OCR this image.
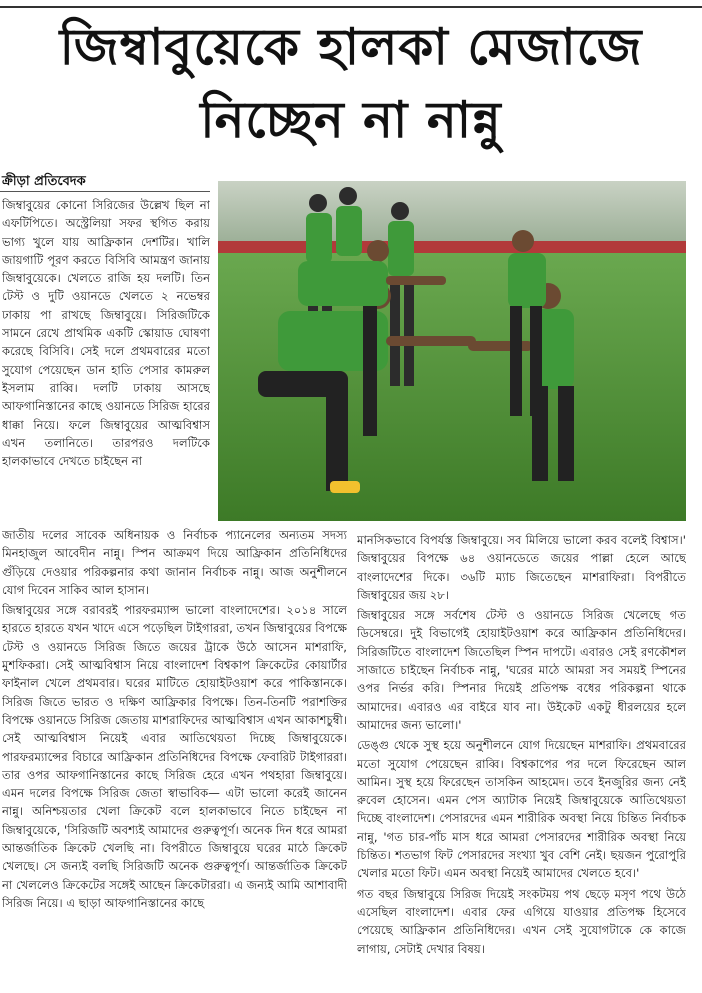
জিম্বাবুয়েকে হালকা মেজাজে
নিচ্ছেন না নান্নু
ক্রীড়া প্রতিবেদক

জিম্বাবুয়ের কোনো সিরিজের উল্লেখ ছিল না এফটিপিতে। অস্ট্রেলিয়া সফর স্থগিত করায় ভাগ্য খুলে যায় আফ্রিকান দেশটির। খালি জায়গাটি পূরণ করতে বিসিবি আমন্ত্রণ জানায় জিম্বাবুয়েকে। খেলতে রাজি হয় দলটি। তিন টেস্ট ও দুটি ওয়ানডে খেলতে ২ নভেম্বর ঢাকায় পা রাখছে জিম্বাবুয়ে। সিরিজটিকে সামনে রেখে প্রাথমিক একটি স্কোয়াড ঘোষণা করেছে বিসিবি। সেই দলে প্রথমবারের মতো সুযোগ পেয়েছেন ডান হাতি পেসার কামরুল ইসলাম রাব্বি। দলটি ঢাকায় আসছে আফগানিস্তানের কাছে ওয়ানডে সিরিজ হারের ধাক্কা নিয়ে। ফলে জিম্বাবুয়ের আত্মবিশ্বাস এখন তলানিতে। তারপরও দলটিকে হালকাভাবে দেখতে চাইছেন না

জাতীয় দলের সাবেক অধিনায়ক ও নির্বাচক প্যানেলের অন্যতম সদস্য মিনহাজুল আবেদীন নান্নু। স্পিন আক্রমণ দিয়ে আফ্রিকান প্রতিনিধিদের গুঁড়িয়ে দেওয়ার পরিকল্পনার কথা জানান নির্বাচক নান্নু। আজ অনুশীলনে যোগ দিবেন সাকিব আল হাসান।

জিম্বাবুয়ের সঙ্গে বরাবরই পারফরম্যান্স ভালো বাংলাদেশের। ২০১৪ সালে হারতে হারতে যখন খাদে এসে পড়েছিল টাইগাররা, তখন জিম্বাবুয়ের বিপক্ষে টেস্ট ও ওয়ানডে সিরিজ জিতে জয়ের ট্রাকে উঠে আসেন মাশরাফি, মুশফিকরা। সেই আত্মবিশ্বাস নিয়ে বাংলাদেশ বিশ্বকাপ ক্রিকেটের কোয়ার্টার ফাইনাল খেলে প্রথমবার। ঘরের মাটিতে হোয়াইটওয়াশ করে পাকিস্তানকে। সিরিজ জিতে ভারত ও দক্ষিণ আফ্রিকার বিপক্ষে। তিন-তিনটি পরাশক্তির বিপক্ষে ওয়ানডে সিরিজ জেতায় মাশরাফিদের আত্মবিশ্বাস এখন আকাশচুম্বী। সেই আত্মবিশ্বাস নিয়েই এবার আতিথেয়তা দিচ্ছে জিম্বাবুয়েকে। পারফরম্যান্সের বিচারে আফ্রিকান প্রতিনিধিদের বিপক্ষে ফেবারিট টাইগাররা। তার ওপর আফগানিস্তানের কাছে সিরিজ হেরে এখন পথহারা জিম্বাবুয়ে। এমন দলের বিপক্ষে সিরিজ জেতা স্বাভাবিক— এটা ভালো করেই জানেন নান্নু। অনিশ্চয়তার খেলা ক্রিকেট বলে হালকাভাবে নিতে চাইছেন না জিম্বাবুয়েকে, 'সিরিজটি অবশ্যই আমাদের গুরুত্বপূর্ণ। অনেক দিন ধরে আমরা আন্তর্জাতিক ক্রিকেট খেলছি না। বিপরীতে জিম্বাবুয়ে ঘরের মাঠে ক্রিকেট খেলছে। সে জন্যই বলছি সিরিজটি অনেক গুরুত্বপূর্ণ। আন্তর্জাতিক ক্রিকেট না খেললেও ক্রিকেটের সঙ্গেই আছেন ক্রিকেটাররা। এ জন্যই আমি আশাবাদী সিরিজ নিয়ে। এ ছাড়া আফগানিস্তানের কাছে

মানসিকভাবে বিপর্যস্ত জিম্বাবুয়ে। সব মিলিয়ে ভালো করব বলেই বিশ্বাস।' জিম্বাবুয়ের বিপক্ষে ৬৪ ওয়ানডেতে জয়ের পাল্লা হেলে আছে বাংলাদেশের দিকে। ৩৬টি ম্যাচ জিতেছেন মাশরাফিরা। বিপরীতে জিম্বাবুয়ের জয় ২৮।

জিম্বাবুয়ের সঙ্গে সর্বশেষ টেস্ট ও ওয়ানডে সিরিজ খেলেছে গত ডিসেম্বরে। দুই বিভাগেই হোয়াইটওয়াশ করে আফ্রিকান প্রতিনিধিদের। সিরিজটিতে বাংলাদেশ জিতেছিল স্পিন দাপটে। এবারও সেই রণকৌশল সাজাতে চাইছেন নির্বাচক নান্নু, 'ঘরের মাঠে আমরা সব সময়ই স্পিনের ওপর নির্ভর করি। স্পিনার দিয়েই প্রতিপক্ষ বধের পরিকল্পনা থাকে আমাদের। এবারও এর বাইরে যাব না। উইকেট একটু ধীরলয়ের হলে আমাদের জন্য ভালো।'

ডেঙ্গু থেকে সুস্থ হয়ে অনুশীলনে যোগ দিয়েছেন মাশরাফি। প্রথমবারের মতো সুযোগ পেয়েছেন রাব্বি। বিশ্বকাপের পর দলে ফিরেছেন আল আমিন। সুস্থ হয়ে ফিরেছেন তাসকিন আহমেদ। তবে ইনজুরির জন্য নেই রুবেল হোসেন। এমন পেস অ্যাটাক নিয়েই জিম্বাবুয়েকে আতিথেয়তা দিচ্ছে বাংলাদেশ। পেসারদের এমন শারীরিক অবস্থা নিয়ে চিন্তিত নির্বাচক নান্নু, 'গত চার-পাঁচ মাস ধরে আমরা পেসারদের শারীরিক অবস্থা নিয়ে চিন্তিত। শতভাগ ফিট পেসারদের সংখ্যা খুব বেশি নেই। ছয়জন পুরোপুরি খেলার মতো ফিট। এমন অবস্থা নিয়েই আমাদের খেলতে হবে।'

গত বছর জিম্বাবুয়ে সিরিজ দিয়েই সংকটময় পথ ছেড়ে মসৃণ পথে উঠে এসেছিল বাংলাদেশ। এবার ফের এগিয়ে যাওয়ার প্রতিপক্ষ হিসেবে পেয়েছে আফ্রিকান প্রতিনিধিদের। এখন সেই সুযোগটাকে কে কাজে লাগায়, সেটাই দেখার বিষয়।
